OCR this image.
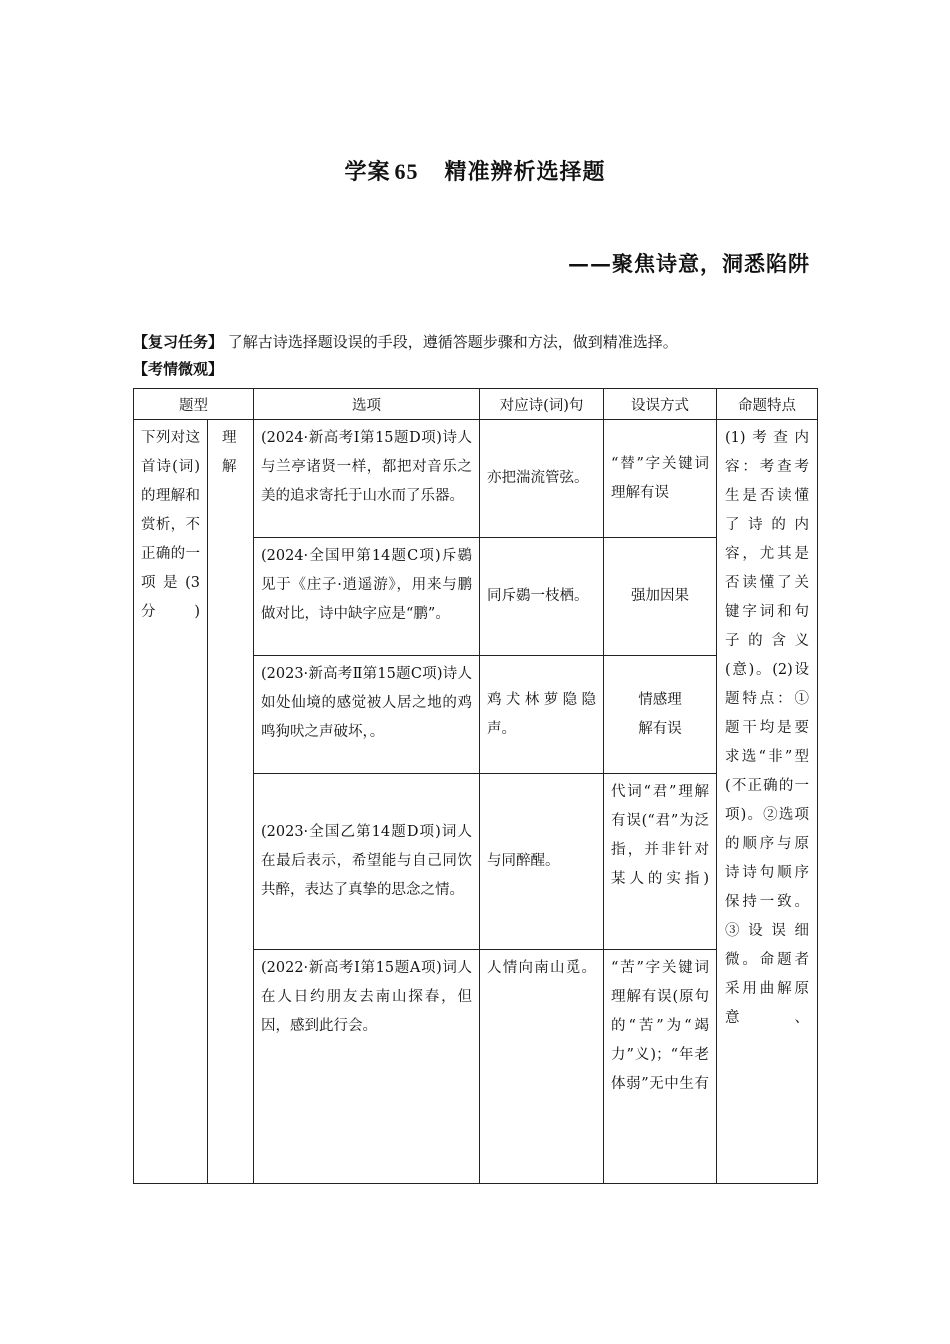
学案 65 精准辨析选择题
——聚焦诗意，洞悉陷阱
【复习任务】 了解古诗选择题设误的手段，遵循答题步骤和方法，做到精准选择。
【考情微观】
题型		选项	对应诗(词)句	设误方式	命题特点

下列对这首诗(词)的理解和赏析，不正确的一项是(3分)	理解	(2024·新高考Ⅰ第15题D项)诗人与兰亭诸贤一样，都把对音乐之美的追求寄托于山水而了乐器。	亦把湍流管弦。	“替”字关键词理解有误	(1)考查内容：考查考生是否读懂了诗的内容，尤其是否读懂了关键字词和句子的含义(意)。(2)设题特点：①题干均是要求选“非”型(不正确的一项)。②选项的顺序与原诗诗句顺序保持一致。③设误细微。命题者采用曲解原意、

		(2024·全国甲第14题C项)斥鷃见于《庄子·逍遥游》，用来与鹏做对比，诗中缺字应是“鹏”。	同斥鷃一枝栖。	强加因果	

		(2023·新高考Ⅱ第15题C项)诗人如处仙境的感觉被人居之地的鸡鸣狗吠之声破坏，。	鸡犬林萝隐隐声。	情感理解有误	

		(2023·全国乙第14题D项)词人在最后表示，希望能与自己同饮共醉，表达了真挚的思念之情。	与同醉醒。	代词“君”理解有误(“君”为泛指，并非针对某人的实指)	

		(2022·新高考Ⅰ第15题A项)词人在人日约朋友去南山探春，但因，感到此行会。	人情向南山觅。	“苦”字关键词理解有误(原句的“苦”为“竭力”义)；“年老体弱”无中生有	
